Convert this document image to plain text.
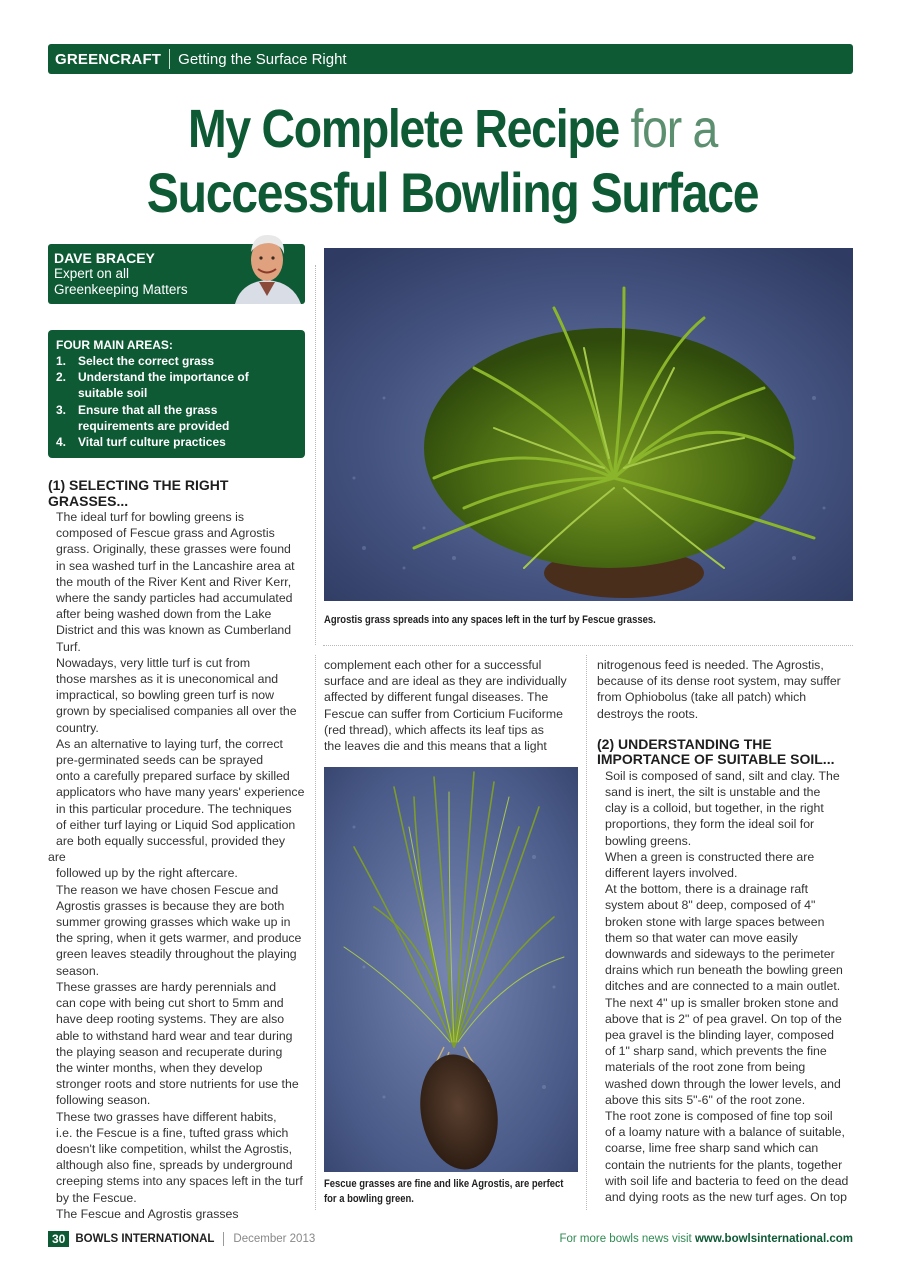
GREENCRAFT	Getting the Surface Right
My Complete Recipe for a
Successful Bowling Surface
DAVE BRACEY
Expert on all
Greenkeeping Matters
FOUR MAIN AREAS:
1. Select the correct grass
2. Understand the importance of
suitable soil
3. Ensure that all the grass
requirements are provided
4. Vital turf culture practices
(1) SELECTING THE RIGHT
GRASSES...

The ideal turf for bowling greens is
composed of Fescue grass and Agrostis
grass. Originally, these grasses were found
in sea washed turf in the Lancashire area at
the mouth of the River Kent and River Kerr,
where the sandy particles had accumulated
after being washed down from the Lake
District and this was known as Cumberland
Turf.

Nowadays, very little turf is cut from
those marshes as it is uneconomical and
impractical, so bowling green turf is now
grown by specialised companies all over the
country.

As an alternative to laying turf, the correct
pre-germinated seeds can be sprayed
onto a carefully prepared surface by skilled
applicators who have many years' experience
in this particular procedure. The techniques
of either turf laying or Liquid Sod application
are both equally successful, provided they are
followed up by the right aftercare.

The reason we have chosen Fescue and
Agrostis grasses is because they are both
summer growing grasses which wake up in
the spring, when it gets warmer, and produce
green leaves steadily throughout the playing
season.

These grasses are hardy perennials and
can cope with being cut short to 5mm and
have deep rooting systems. They are also
able to withstand hard wear and tear during
the playing season and recuperate during
the winter months, when they develop
stronger roots and store nutrients for use the
following season.

These two grasses have different habits,
i.e. the Fescue is a fine, tufted grass which
doesn't like competition, whilst the Agrostis,
although also fine, spreads by underground
creeping stems into any spaces left in the turf
by the Fescue.

The Fescue and Agrostis grasses

Agrostis grass spreads into any spaces left in the turf by Fescue grasses.
complement each other for a successful
surface and are ideal as they are individually
affected by different fungal diseases. The
Fescue can suffer from Corticium Fuciforme
(red thread), which affects its leaf tips as
the leaves die and this means that a light
Fescue grasses are fine and like Agrostis, are perfect
for a bowling green.
nitrogenous feed is needed. The Agrostis,
because of its dense root system, may suffer
from Ophiobolus (take all patch) which
destroys the roots.
(2) UNDERSTANDING THE
IMPORTANCE OF SUITABLE SOIL...

Soil is composed of sand, silt and clay. The
sand is inert, the silt is unstable and the
clay is a colloid, but together, in the right
proportions, they form the ideal soil for
bowling greens.

When a green is constructed there are
different layers involved.

At the bottom, there is a drainage raft
system about 8" deep, composed of 4"
broken stone with large spaces between
them so that water can move easily
downwards and sideways to the perimeter
drains which run beneath the bowling green
ditches and are connected to a main outlet.

The next 4" up is smaller broken stone and
above that is 2" of pea gravel. On top of the
pea gravel is the blinding layer, composed
of 1" sharp sand, which prevents the fine
materials of the root zone from being
washed down through the lower levels, and
above this sits 5"-6" of the root zone.

The root zone is composed of fine top soil
of a loamy nature with a balance of suitable,
coarse, lime free sharp sand which can
contain the nutrients for the plants, together
with soil life and bacteria to feed on the dead
and dying roots as the new turf ages. On top

30 BOWLS INTERNATIONAL December 2013	For more bowls news visit www.bowlsinternational.com
